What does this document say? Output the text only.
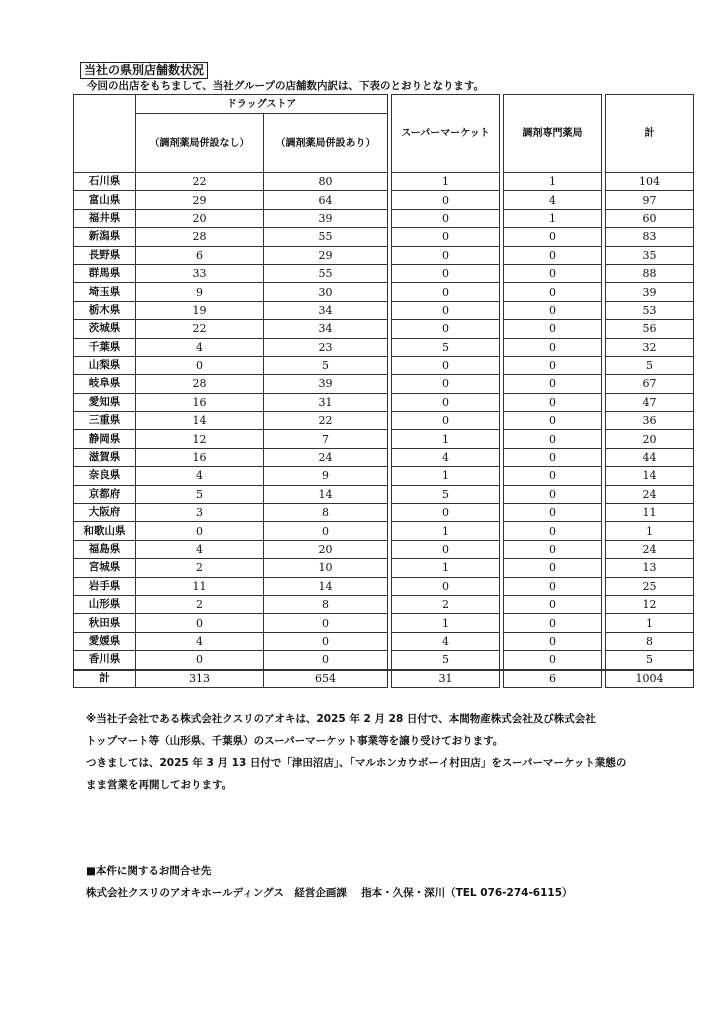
当社の県別店舗数状況
今回の出店をもちまして、当社グループの店舗数内訳は、下表のとおりとなります。
	ドラッグストア			スーパーマーケット		調剤専門薬局		計
	（調剤薬局併設なし）	（調剤薬局併設あり）						
石川県	22	80		1		1		104
富山県	29	64		0		4		97
福井県	20	39		0		1		60
新潟県	28	55		0		0		83
長野県	6	29		0		0		35
群馬県	33	55		0		0		88
埼玉県	9	30		0		0		39
栃木県	19	34		0		0		53
茨城県	22	34		0		0		56
千葉県	4	23		5		0		32
山梨県	0	5		0		0		5
岐阜県	28	39		0		0		67
愛知県	16	31		0		0		47
三重県	14	22		0		0		36
静岡県	12	7		1		0		20
滋賀県	16	24		4		0		44
奈良県	4	9		1		0		14
京都府	5	14		5		0		24
大阪府	3	8		0		0		11
和歌山県	0	0		1		0		1
福島県	4	20		0		0		24
宮城県	2	10		1		0		13
岩手県	11	14		0		0		25
山形県	2	8		2		0		12
秋田県	0	0		1		0		1
愛媛県	4	0		4		0		8
香川県	0	0		5		0		5
計	313	654		31		6		1004
※当社子会社である株式会社クスリのアオキは、2025 年 2 月 28 日付で、本間物産株式会社及び株式会社
トップマート等（山形県、千葉県）のスーパーマーケット事業等を譲り受けております。
つきましては、2025 年 3 月 13 日付で「津田沼店」、「マルホンカウボーイ村田店」をスーパーマーケット業態の
まま営業を再開しております。
■本件に関するお問合せ先
株式会社クスリのアオキホールディングス　経営企画課　 指本・久保・深川（TEL 076-274-6115）
